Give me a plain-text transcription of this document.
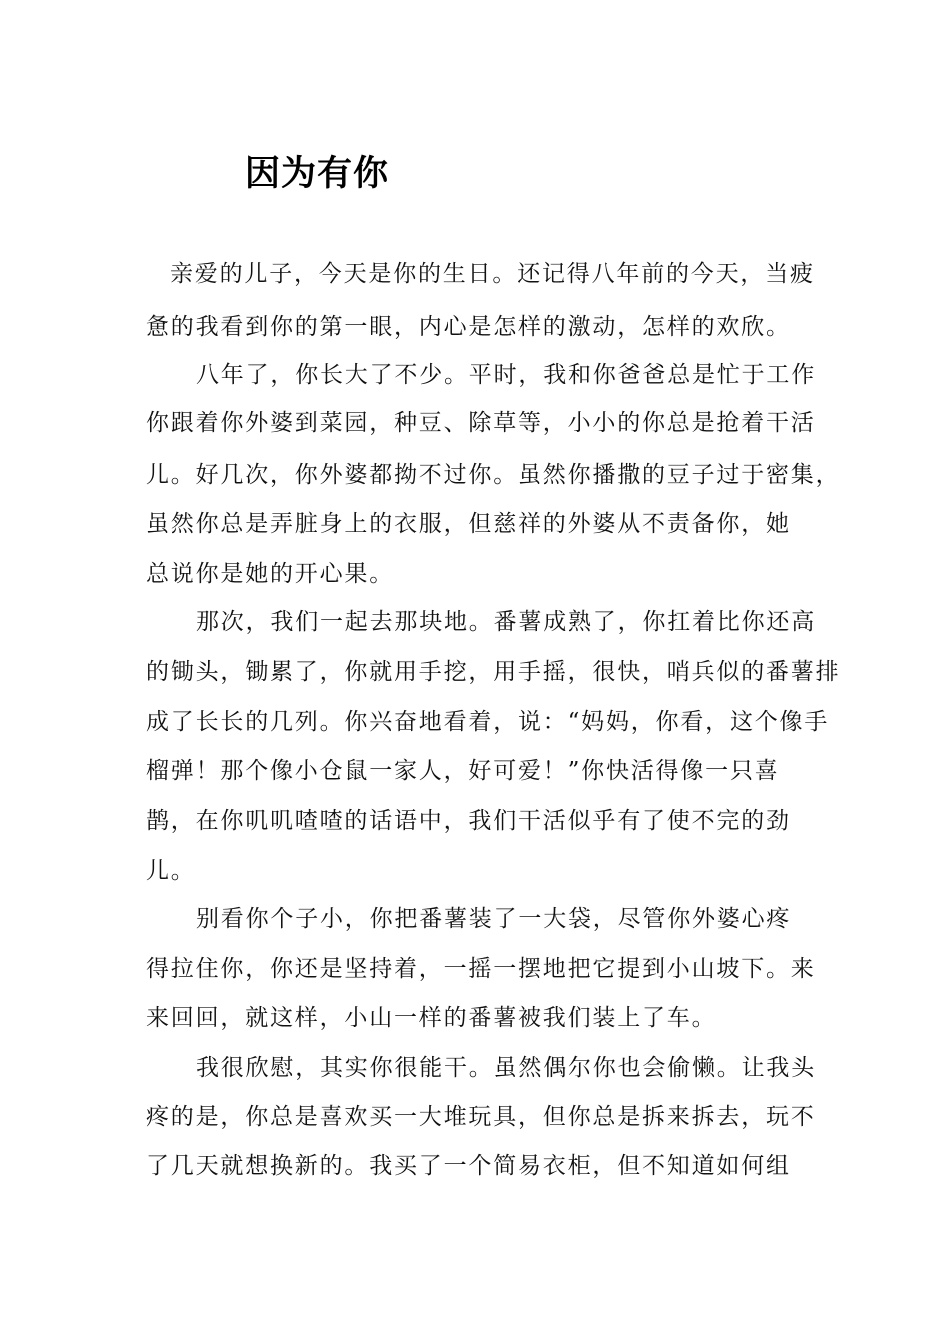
因为有你
亲爱的儿子，今天是你的生日。还记得八年前的今天，当疲
惫的我看到你的第一眼，内心是怎样的激动，怎样的欢欣。
八年了，你长大了不少。平时，我和你爸爸总是忙于工作
你跟着你外婆到菜园，种豆、除草等，小小的你总是抢着干活
儿。好几次，你外婆都拗不过你。虽然你播撒的豆子过于密集，
虽然你总是弄脏身上的衣服，但慈祥的外婆从不责备你，她
总说你是她的开心果。
那次，我们一起去那块地。番薯成熟了，你扛着比你还高
的锄头，锄累了，你就用手挖，用手摇，很快，哨兵似的番薯排
成了长长的几列。你兴奋地看着，说：“妈妈，你看，这个像手
榴弹！那个像小仓鼠一家人，好可爱！”你快活得像一只喜
鹊，在你叽叽喳喳的话语中，我们干活似乎有了使不完的劲
儿。
别看你个子小，你把番薯装了一大袋，尽管你外婆心疼
得拉住你，你还是坚持着，一摇一摆地把它提到小山坡下。来
来回回，就这样，小山一样的番薯被我们装上了车。
我很欣慰，其实你很能干。虽然偶尔你也会偷懒。让我头
疼的是，你总是喜欢买一大堆玩具，但你总是拆来拆去，玩不
了几天就想换新的。我买了一个简易衣柜，但不知道如何组
